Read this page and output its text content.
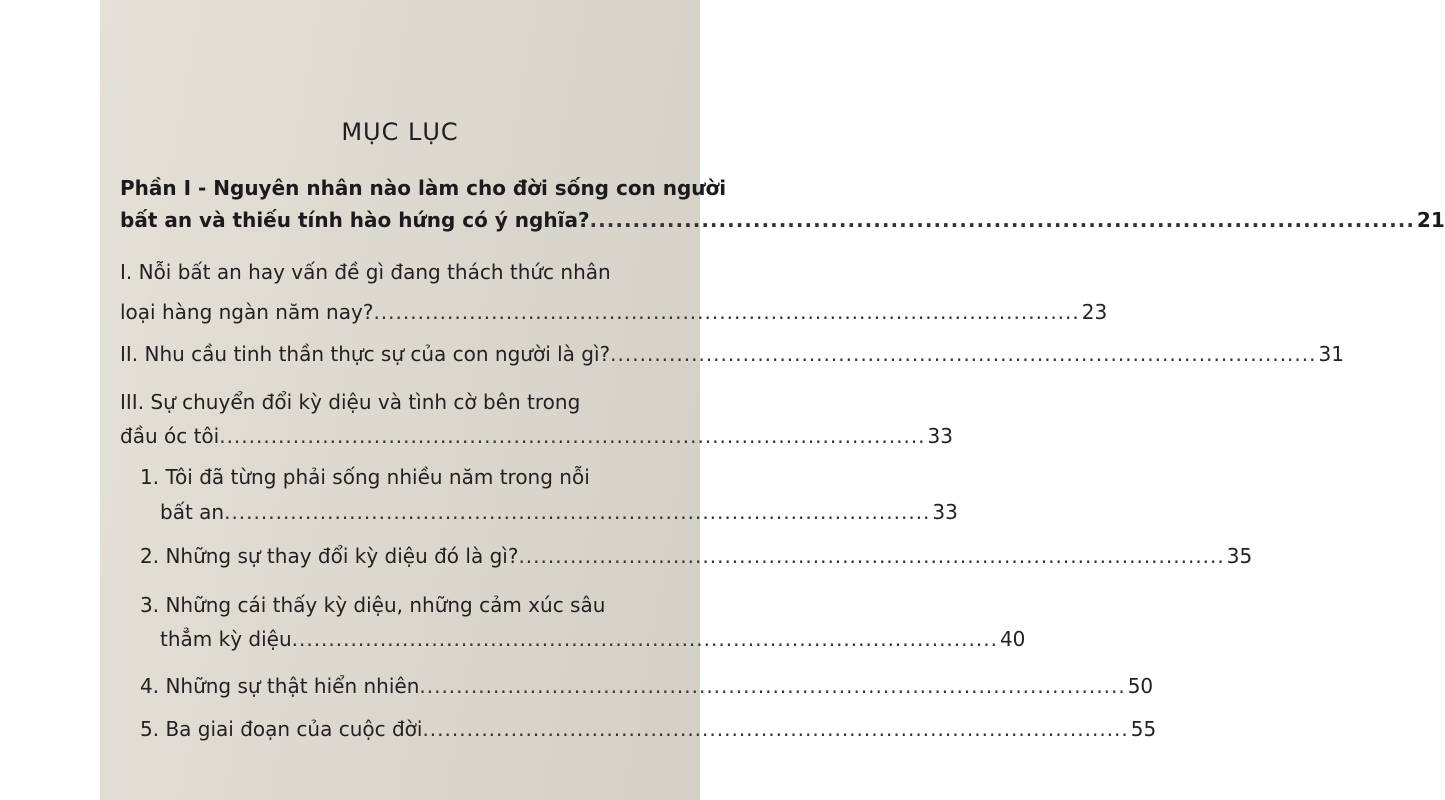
MỤC LỤC
Phần I - Nguyên nhân nào làm cho đời sống con người
bất an và thiếu tính hào hứng có ý nghĩa? ................................................................................................ 21
I. Nỗi bất an hay vấn đề gì đang thách thức nhân
loại hàng ngàn năm nay? ................................................................................................ 23
II. Nhu cầu tinh thần thực sự của con người là gì? ................................................................................................ 31
III. Sự chuyển đổi kỳ diệu và tình cờ bên trong
đầu óc tôi ................................................................................................ 33
1. Tôi đã từng phải sống nhiều năm trong nỗi
bất an ................................................................................................ 33
2. Những sự thay đổi kỳ diệu đó là gì? ................................................................................................ 35
3. Những cái thấy kỳ diệu, những cảm xúc sâu
thẳm kỳ diệu ................................................................................................ 40
4. Những sự thật hiển nhiên ................................................................................................ 50
5. Ba giai đoạn của cuộc đời ................................................................................................ 55
